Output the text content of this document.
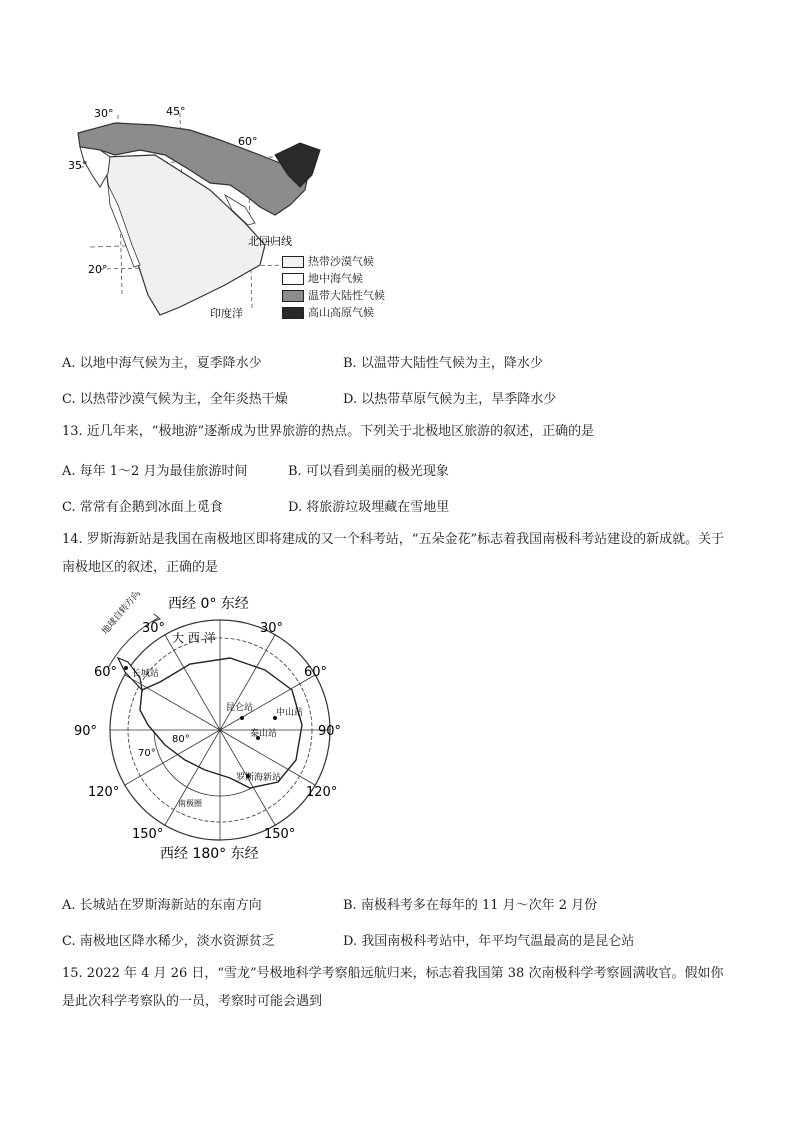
30°	45°
60°
35°
20°
北回归线
印度洋
热带沙漠气候
地中海气候
温带大陆性气候
高山高原气候
A. 以地中海气候为主，夏季降水少	B. 以温带大陆性气候为主，降水少
C. 以热带沙漠气候为主，全年炎热干燥	D. 以热带草原气候为主，旱季降水少
13. 近几年来，“极地游”逐渐成为世界旅游的热点。下列关于北极地区旅游的叙述，正确的是
A. 每年 1～2 月为最佳旅游时间	B. 可以看到美丽的极光现象
C. 常常有企鹅到冰面上觅食	D. 将旅游垃圾埋藏在雪地里
14. 罗斯海新站是我国在南极地区即将建成的又一个科考站，“五朵金花”标志着我国南极科考站建设的新成就。关于南极地区的叙述，正确的是
地球自转方向 西经 0° 东经
西经 180° 东经
30°	30°
60°	60°
90°	90°
120°	120°
150°	150°
大 西 洋
70°
80°
长城站
昆仑站	中山站
泰山站
罗斯海新站
南极圈
A. 长城站在罗斯海新站的东南方向	B. 南极科考多在每年的 11 月～次年 2 月份
C. 南极地区降水稀少，淡水资源贫乏	D. 我国南极科考站中，年平均气温最高的是昆仑站
15. 2022 年 4 月 26 日，“雪龙”号极地科学考察船远航归来，标志着我国第 38 次南极科学考察圆满收官。假如你是此次科学考察队的一员，考察时可能会遇到
